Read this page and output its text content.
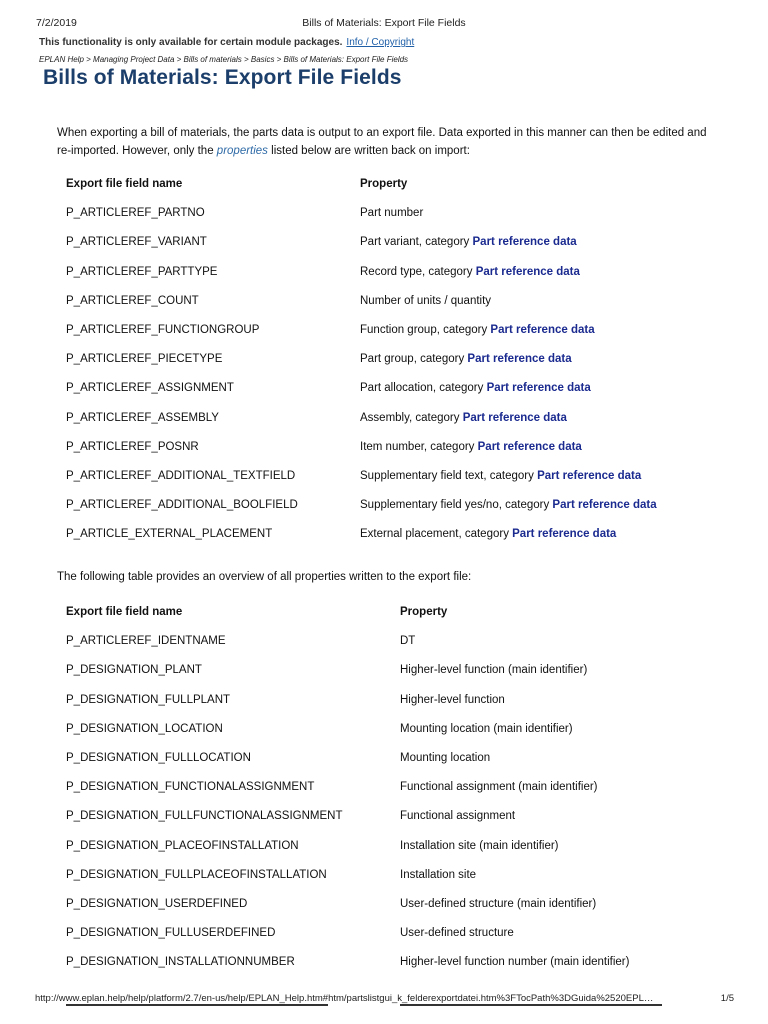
7/2/2019	Bills of Materials: Export File Fields
This functionality is only available for certain module packages. Info / Copyright
EPLAN Help > Managing Project Data > Bills of materials > Basics > Bills of Materials: Export File Fields
Bills of Materials: Export File Fields

When exporting a bill of materials, the parts data is output to an export file. Data exported in this manner can then be edited and re-imported. However, only the properties listed below are written back on import:

Export file field name	Property
P_ARTICLEREF_PARTNO	Part number
P_ARTICLEREF_VARIANT	Part variant, category Part reference data
P_ARTICLEREF_PARTTYPE	Record type, category Part reference data
P_ARTICLEREF_COUNT	Number of units / quantity
P_ARTICLEREF_FUNCTIONGROUP	Function group, category Part reference data
P_ARTICLEREF_PIECETYPE	Part group, category Part reference data
P_ARTICLEREF_ASSIGNMENT	Part allocation, category Part reference data
P_ARTICLEREF_ASSEMBLY	Assembly, category Part reference data
P_ARTICLEREF_POSNR	Item number, category Part reference data
P_ARTICLEREF_ADDITIONAL_TEXTFIELD	Supplementary field text, category Part reference data
P_ARTICLEREF_ADDITIONAL_BOOLFIELD	Supplementary field yes/no, category Part reference data
P_ARTICLE_EXTERNAL_PLACEMENT	External placement, category Part reference data

The following table provides an overview of all properties written to the export file:

Export file field name	Property
P_ARTICLEREF_IDENTNAME	DT
P_DESIGNATION_PLANT	Higher-level function (main identifier)
P_DESIGNATION_FULLPLANT	Higher-level function
P_DESIGNATION_LOCATION	Mounting location (main identifier)
P_DESIGNATION_FULLLOCATION	Mounting location
P_DESIGNATION_FUNCTIONALASSIGNMENT	Functional assignment (main identifier)
P_DESIGNATION_FULLFUNCTIONALASSIGNMENT	Functional assignment
P_DESIGNATION_PLACEOFINSTALLATION	Installation site (main identifier)
P_DESIGNATION_FULLPLACEOFINSTALLATION	Installation site
P_DESIGNATION_USERDEFINED	User-defined structure (main identifier)
P_DESIGNATION_FULLUSERDEFINED	User-defined structure
P_DESIGNATION_INSTALLATIONNUMBER	Higher-level function number (main identifier)
http://www.eplan.help/help/platform/2.7/en-us/help/EPLAN_Help.htm#htm/partslistgui_k_felderexportdatei.htm%3FTocPath%3DGuida%2520EPL…	1/5
